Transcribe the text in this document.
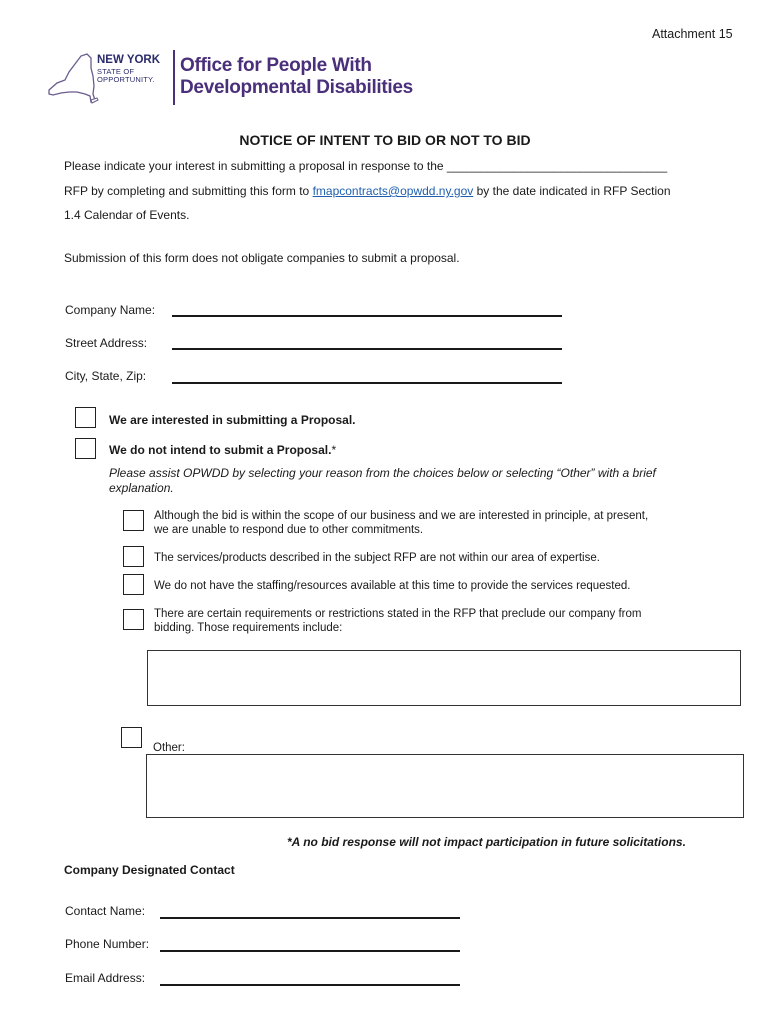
Attachment 15
NEW YORK
STATE OF
OPPORTUNITY.
Office for People With
Developmental Disabilities
NOTICE OF INTENT TO BID OR NOT TO BID
Please indicate your interest in submitting a proposal in response to the _________________________________
RFP by completing and submitting this form to fmapcontracts@opwdd.ny.gov by the date indicated in RFP Section
1.4 Calendar of Events.
Submission of this form does not obligate companies to submit a proposal.
Company Name:
Street Address:
City, State, Zip:
We are interested in submitting a Proposal.
We do not intend to submit a Proposal.*
Please assist OPWDD by selecting your reason from the choices below or selecting “Other” with a brief
explanation.
Although the bid is within the scope of our business and we are interested in principle, at present,
we are unable to respond due to other commitments.
The services/products described in the subject RFP are not within our area of expertise.
We do not have the staffing/resources available at this time to provide the services requested.
There are certain requirements or restrictions stated in the RFP that preclude our company from
bidding. Those requirements include:
Other:
*A no bid response will not impact participation in future solicitations.
Company Designated Contact
Contact Name:
Phone Number:
Email Address:
